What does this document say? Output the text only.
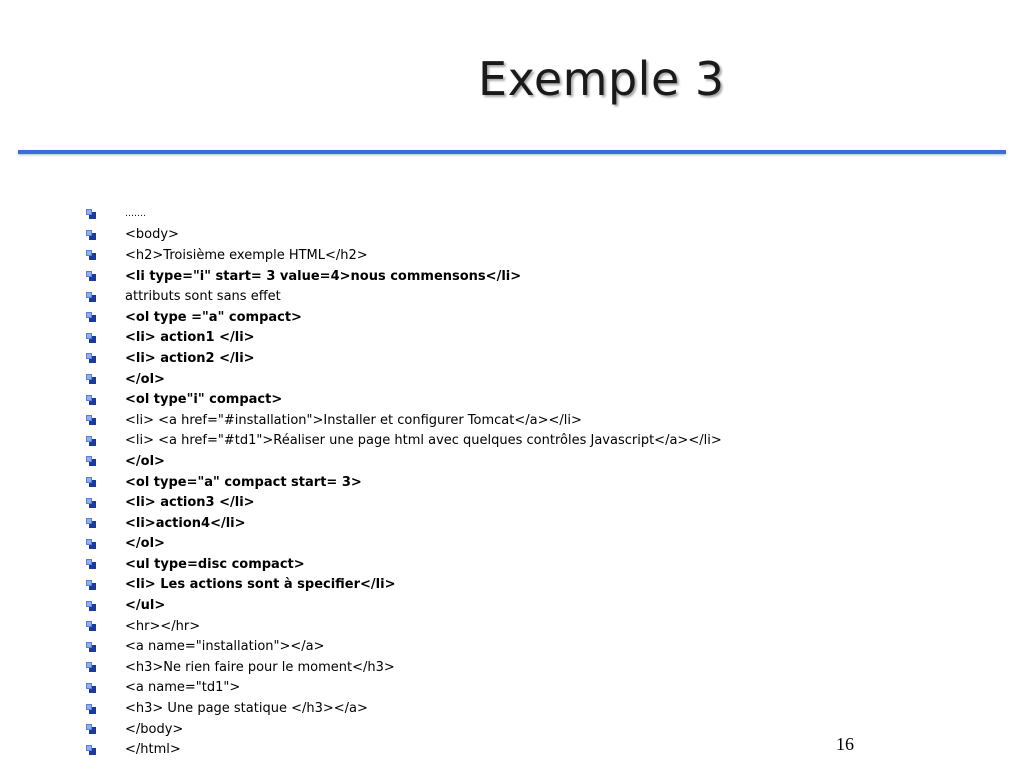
Exemple 3
…….
<body>
<h2>Troisième exemple HTML</h2>
<li type="i" start= 3 value=4>nous commensons</li>
attributs sont sans effet
<ol type ="a" compact>
<li> action1 </li>
<li> action2 </li>
</ol>
<ol type"i" compact>
<li> <a href="#installation">Installer et configurer Tomcat</a></li>
<li> <a href="#td1">Réaliser une page html avec quelques contrôles Javascript</a></li>
</ol>
<ol type="a" compact start= 3>
<li> action3 </li>
<li>action4</li>
</ol>
<ul type=disc compact>
<li> Les actions sont à specifier</li>
</ul>
<hr></hr>
<a name="installation"></a>
<h3>Ne rien faire pour le moment</h3>
<a name="td1">
<h3> Une page statique </h3></a>
</body>
</html>	16
